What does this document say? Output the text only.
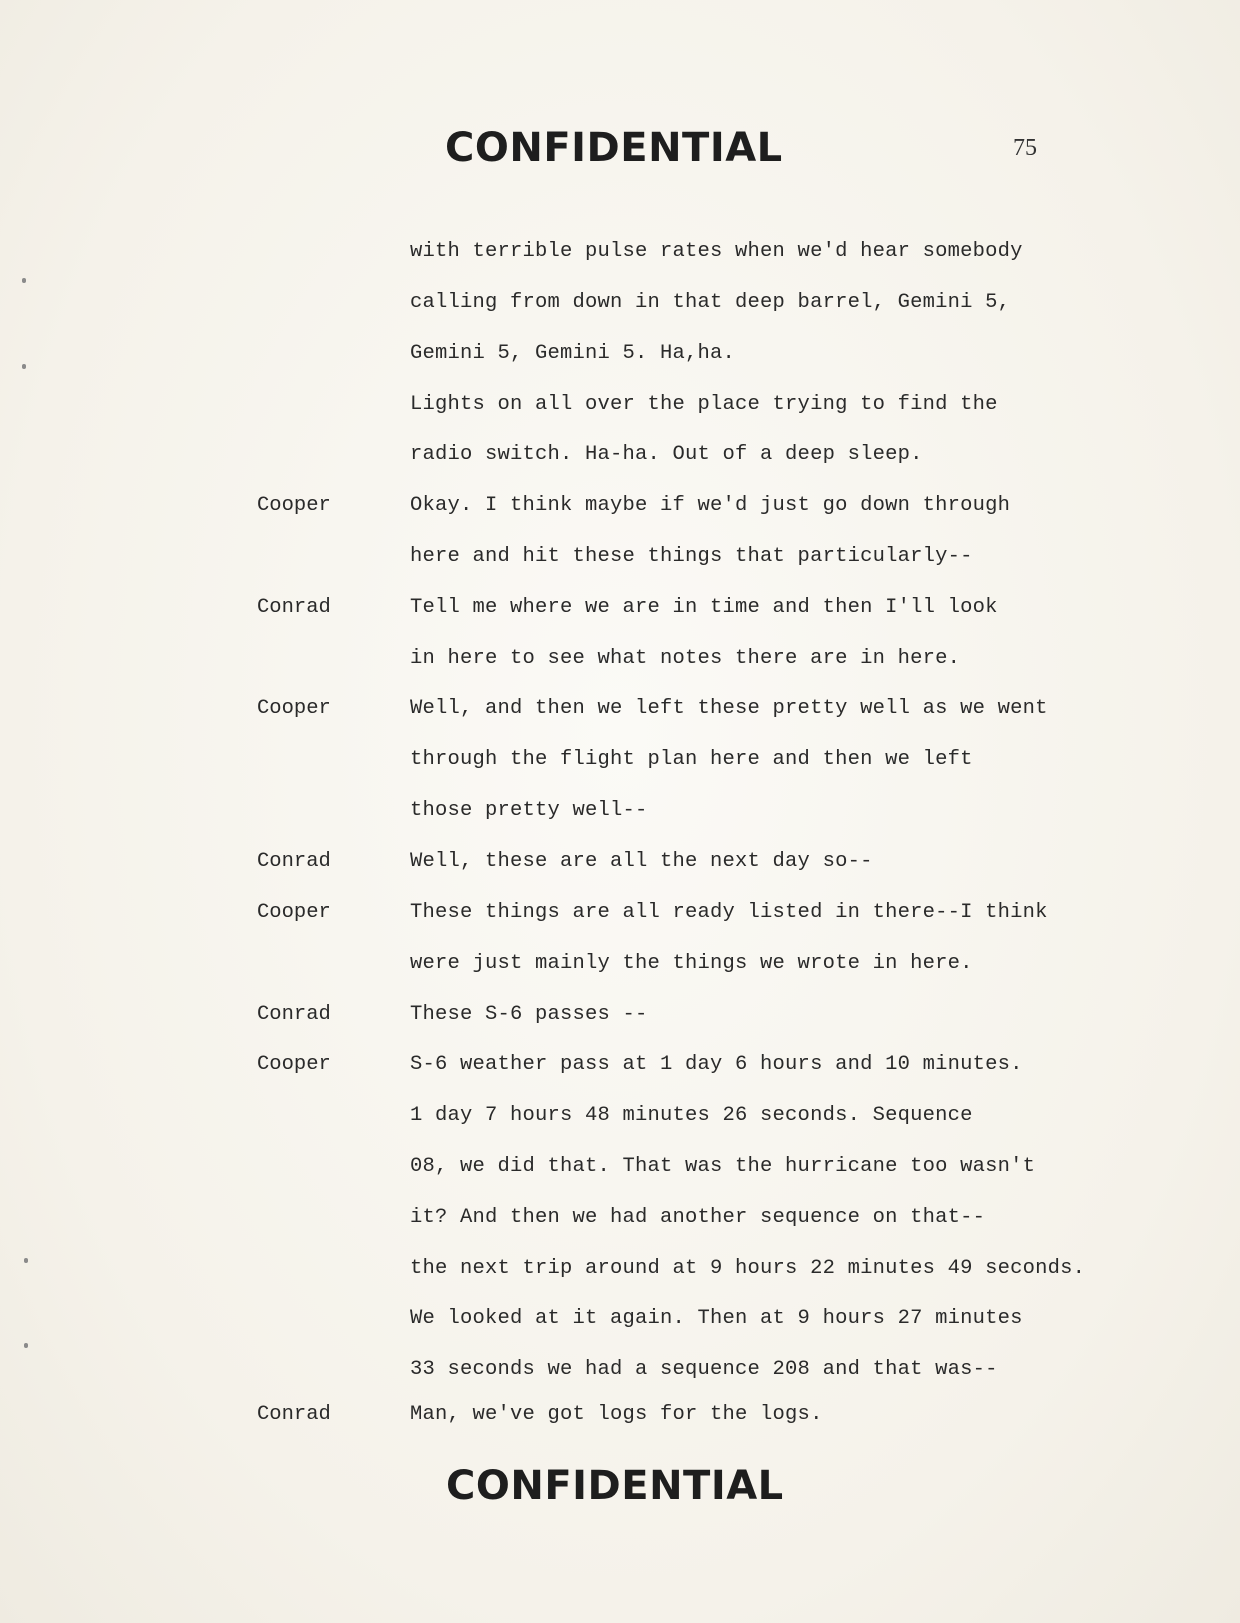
CONFIDENTIAL	75
with terrible pulse rates when we'd hear somebody
calling from down in that deep barrel, Gemini 5,
Gemini 5, Gemini 5. Ha,ha.
Lights on all over the place trying to find the
radio switch. Ha-ha. Out of a deep sleep.
Cooper	Okay. I think maybe if we'd just go down through
here and hit these things that particularly--
Conrad	Tell me where we are in time and then I'll look
in here to see what notes there are in here.
Cooper	Well, and then we left these pretty well as we went
through the flight plan here and then we left
those pretty well--
Conrad	Well, these are all the next day so--
Cooper	These things are all ready listed in there--I think
were just mainly the things we wrote in here.
Conrad	These S-6 passes --
Cooper	S-6 weather pass at 1 day 6 hours and 10 minutes.
1 day 7 hours 48 minutes 26 seconds. Sequence
08, we did that. That was the hurricane too wasn't
it? And then we had another sequence on that--
the next trip around at 9 hours 22 minutes 49 seconds.
We looked at it again. Then at 9 hours 27 minutes
33 seconds we had a sequence 208 and that was--
Conrad	Man, we've got logs for the logs.
CONFIDENTIAL
